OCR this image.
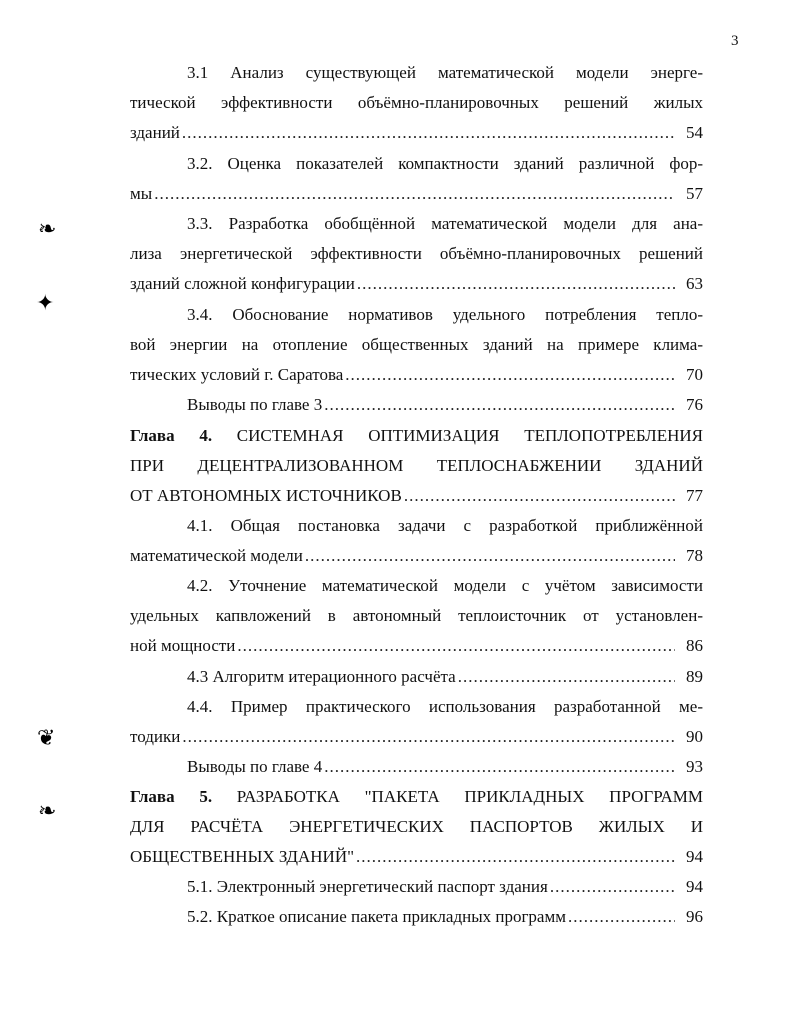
3
❧
✦
❦
❧
3.1 Анализ существующей математической модели энерге-
тической эффективности объёмно-планировочных решений жилых
зданий .....	54
3.2. Оценка показателей компактности зданий различной фор-
мы .....	57
3.3. Разработка обобщённой математической модели для ана-
лиза энергетической эффективности объёмно-планировочных решений
зданий сложной конфигурации .....	63
3.4. Обоснование нормативов удельного потребления тепло-
вой энергии на отопление общественных зданий на примере клима-
тических условий г. Саратова .....	70
Выводы по главе 3 .....	76
Глава 4. СИСТЕМНАЯ ОПТИМИЗАЦИЯ ТЕПЛОПОТРЕБЛЕНИЯ
ПРИ ДЕЦЕНТРАЛИЗОВАННОМ ТЕПЛОСНАБЖЕНИИ ЗДАНИЙ
ОТ АВТОНОМНЫХ ИСТОЧНИКОВ .....	77
4.1. Общая постановка задачи с разработкой приближённой
математической модели .....	78
4.2. Уточнение математической модели с учётом зависимости
удельных капвложений в автономный теплоисточник от установлен-
ной мощности .....	86
4.3 Алгоритм итерационного расчёта .....	89
4.4. Пример практического использования разработанной ме-
тодики .....	90
Выводы по главе 4 .....	93
Глава 5. РАЗРАБОТКА "ПАКЕТА ПРИКЛАДНЫХ ПРОГРАММ
ДЛЯ РАСЧЁТА ЭНЕРГЕТИЧЕСКИХ ПАСПОРТОВ ЖИЛЫХ И
ОБЩЕСТВЕННЫХ ЗДАНИЙ" .....	94
5.1. Электронный энергетический паспорт здания .....	94
5.2. Краткое описание пакета прикладных программ .....	96
